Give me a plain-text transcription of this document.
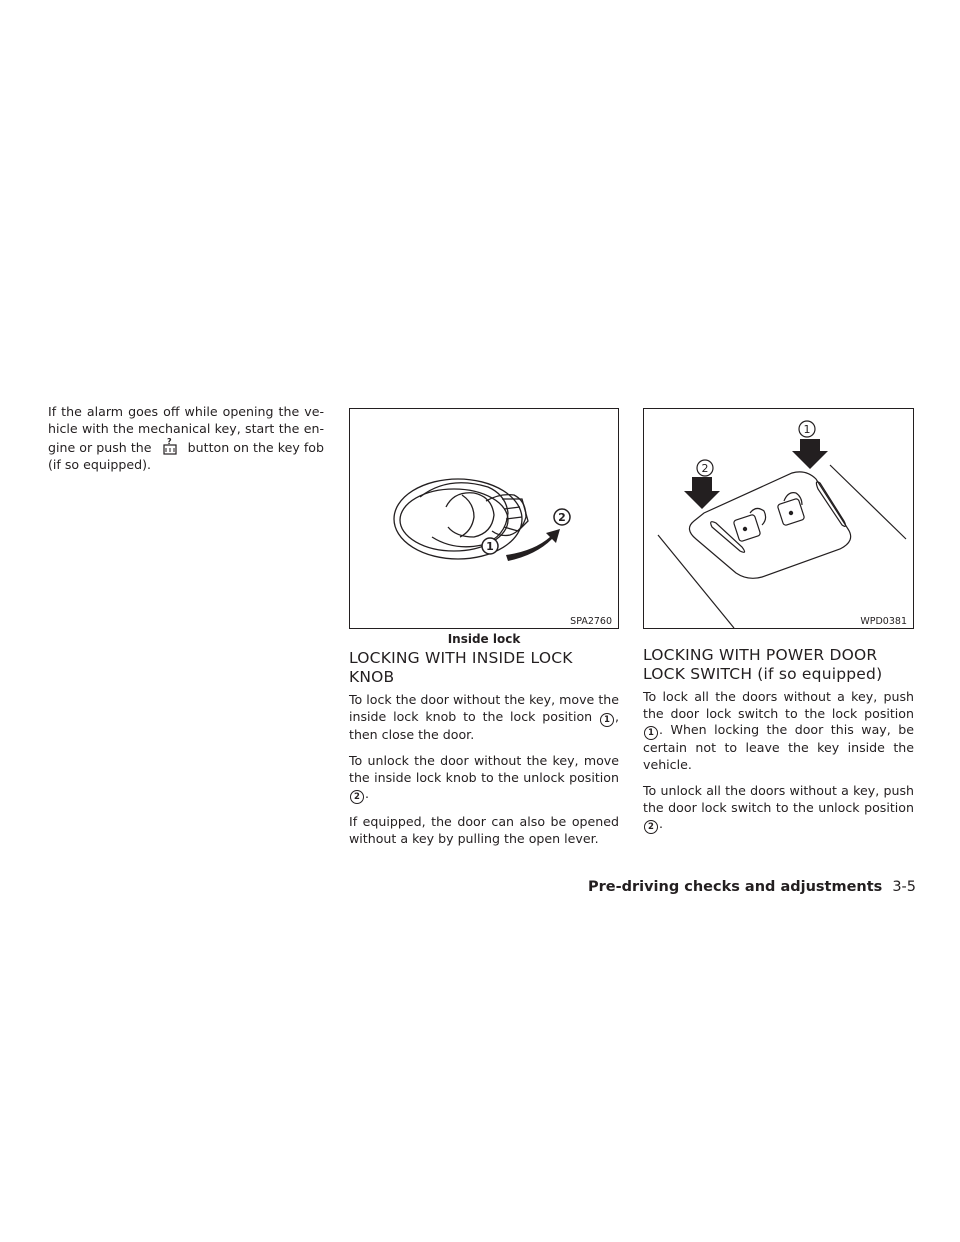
If the alarm goes off while opening the ve-hicle with the mechanical key, start the en-gine or push the ? button on the key fob (if so equipped).

1
2
SPA2760
Inside lock
LOCKING WITH INSIDE LOCK KNOB

To lock the door without the key, move the inside lock knob to the lock position 1 , then close the door.

To unlock the door without the key, move the inside lock knob to the unlock position 2 .

If equipped, the door can also be opened without a key by pulling the open lever.

1
2
WPD0381
LOCKING WITH POWER DOOR
LOCK SWITCH (if so equipped)

To lock all the doors without a key, push the door lock switch to the lock position 1 . When locking the door this way, be certain not to leave the key inside the vehicle.

To unlock all the doors without a key, push the door lock switch to the unlock position 2 .

Pre-driving checks and adjustments 3-5
